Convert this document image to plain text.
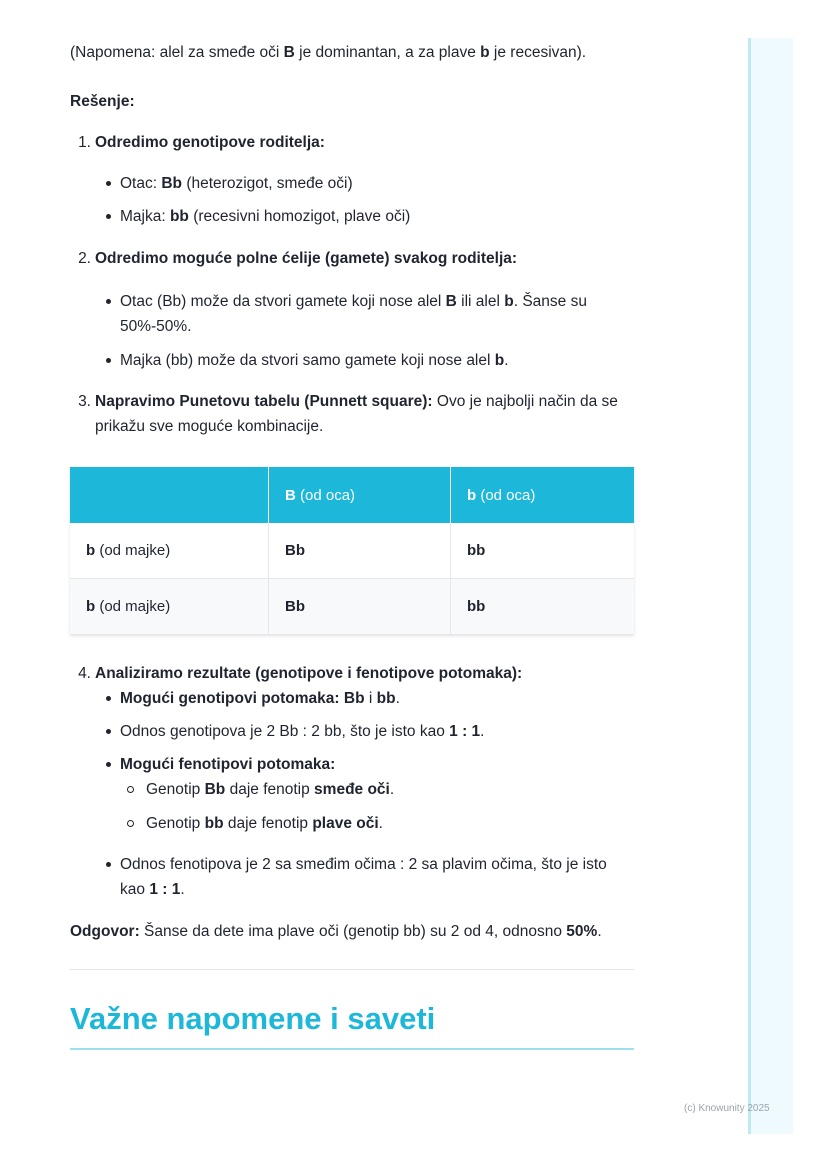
(Napomena: alel za smeđe oči B je dominantan, a za plave b je recesivan).

Rešenje:

1. Odredimo genotipove roditelja:
Otac: Bb (heterozigot, smeđe oči)
Majka: bb (recesivni homozigot, plave oči)
2. Odredimo moguće polne ćelije (gamete) svakog roditelja:
Otac (Bb) može da stvori gamete koji nose alel B ili alel b. Šanse su 50%-50%.
Majka (bb) može da stvori samo gamete koji nose alel b.
3. Napravimo Punetovu tabelu (Punnett square): Ovo je najbolji način da se prikažu sve moguće kombinacije.
	B (od oca)	b (od oca)
b (od majke)	Bb	bb
b (od majke)	Bb	bb
4. Analiziramo rezultate (genotipove i fenotipove potomaka):
Mogući genotipovi potomaka: Bb i bb.
Odnos genotipova je 2 Bb : 2 bb, što je isto kao 1 : 1.
Mogući fenotipovi potomaka:
Genotip Bb daje fenotip smeđe oči.
Genotip bb daje fenotip plave oči.
Odnos fenotipova je 2 sa smeđim očima : 2 sa plavim očima, što je isto kao 1 : 1.

Odgovor: Šanse da dete ima plave oči (genotip bb) su 2 od 4, odnosno 50%.

Važne napomene i saveti
(c) Knowunity 2025
